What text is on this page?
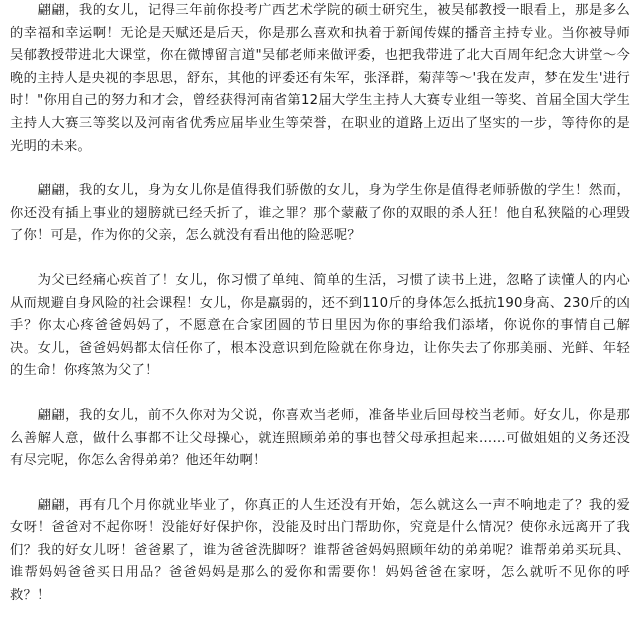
　　翩翩，我的女儿，记得三年前你投考广西艺术学院的硕士研究生，被吴郁教授一眼看上，那是多么的幸福和幸运啊！无论是天赋还是后天，你是那么喜欢和执着于新闻传媒的播音主持专业。当你被导师吴郁教授带进北大课堂，你在微博留言道"吴郁老师来做评委，也把我带进了北大百周年纪念大讲堂～今晚的主持人是央视的李思思，舒东，其他的评委还有朱军，张泽群，菊萍等～'我在发声，梦在发生'进行时！"你用自己的努力和才会，曾经获得河南省第12届大学生主持人大赛专业组一等奖、首届全国大学生主持人大赛三等奖以及河南省优秀应届毕业生等荣誉，在职业的道路上迈出了坚实的一步，等待你的是光明的未来。

　　翩翩，我的女儿，身为女儿你是值得我们骄傲的女儿，身为学生你是值得老师骄傲的学生！然而，你还没有插上事业的翅膀就已经夭折了，谁之罪？那个蒙蔽了你的双眼的杀人狂！他自私狭隘的心理毁了你！可是，作为你的父亲，怎么就没有看出他的险恶呢？

　　为父已经痛心疾首了！女儿，你习惯了单纯、简单的生活，习惯了读书上进，忽略了读懂人的内心从而规避自身风险的社会课程！女儿，你是羸弱的，还不到110斤的身体怎么抵抗190身高、230斤的凶手？你太心疼爸爸妈妈了，不愿意在合家团圆的节日里因为你的事给我们添堵，你说你的事情自己解决。女儿，爸爸妈妈都太信任你了，根本没意识到危险就在你身边，让你失去了你那美丽、光鲜、年轻的生命！你疼煞为父了！

　　翩翩，我的女儿，前不久你对为父说，你喜欢当老师，准备毕业后回母校当老师。好女儿，你是那么善解人意，做什么事都不让父母操心，就连照顾弟弟的事也替父母承担起来……可做姐姐的义务还没有尽完呢，你怎么舍得弟弟？他还年幼啊！

　　翩翩，再有几个月你就业毕业了，你真正的人生还没有开始，怎么就这么一声不响地走了？我的爱女呀！爸爸对不起你呀！没能好好保护你，没能及时出门帮助你，究竟是什么情况？使你永远离开了我们？我的好女儿呀！爸爸累了，谁为爸爸洗脚呀？谁帮爸爸妈妈照顾年幼的弟弟呢？谁帮弟弟买玩具、谁帮妈妈爸爸买日用品？爸爸妈妈是那么的爱你和需要你！妈妈爸爸在家呀，怎么就听不见你的呼救？！
